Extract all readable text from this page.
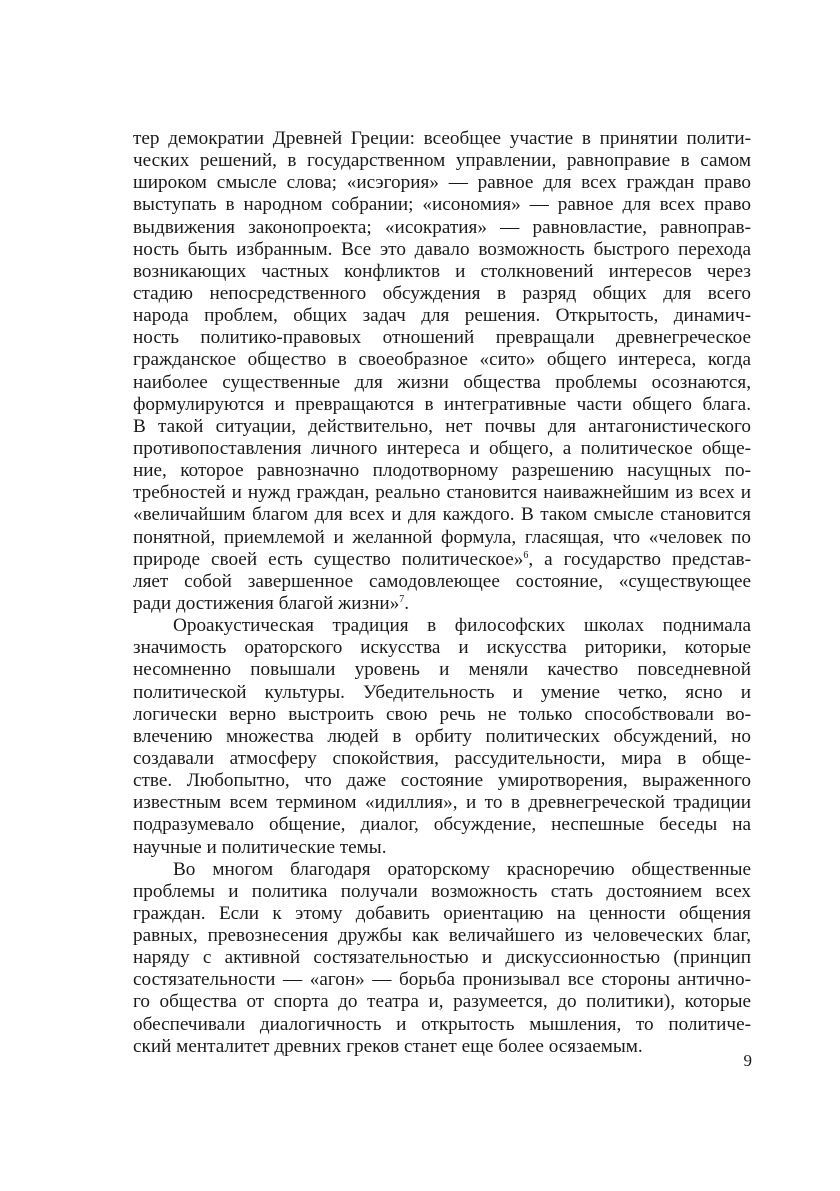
тер демократии Древней Греции: всеобщее участие в принятии полити-
ческих решений, в государственном управлении, равноправие в самом
широком смысле слова; «исэгория» — равное для всех граждан право
выступать в народном собрании; «исономия» — равное для всех право
выдвижения законопроекта; «исократия» — равновластие, равноправ-
ность быть избранным. Все это давало возможность быстрого перехода
возникающих частных конфликтов и столкновений интересов через
стадию непосредственного обсуждения в разряд общих для всего
народа проблем, общих задач для решения. Открытость, динамич-
ность политико-правовых отношений превращали древнегреческое
гражданское общество в своеобразное «сито» общего интереса, когда
наиболее существенные для жизни общества проблемы осознаются,
формулируются и превращаются в интегративные части общего блага.
В такой ситуации, действительно, нет почвы для антагонистического
противопоставления личного интереса и общего, а политическое обще-
ние, которое равнозначно плодотворному разрешению насущных по-
требностей и нужд граждан, реально становится наиважнейшим из всех и
«величайшим благом для всех и для каждого. В таком смысле становится
понятной, приемлемой и желанной формула, гласящая, что «человек по
природе своей есть существо политическое»$^6$, а государство представ-
ляет собой завершенное самодовлеющее состояние, «существующее
ради достижения благой жизни»$^7$.
Ороакустическая традиция в философских школах поднимала
значимость ораторского искусства и искусства риторики, которые
несомненно повышали уровень и меняли качество повседневной
политической культуры. Убедительность и умение четко, ясно и
логически верно выстроить свою речь не только способствовали во-
влечению множества людей в орбиту политических обсуждений, но
создавали атмосферу спокойствия, рассудительности, мира в обще-
стве. Любопытно, что даже состояние умиротворения, выраженного
известным всем термином «идиллия», и то в древнегреческой традиции
подразумевало общение, диалог, обсуждение, неспешные беседы на
научные и политические темы.
Во многом благодаря ораторскому красноречию общественные
проблемы и политика получали возможность стать достоянием всех
граждан. Если к этому добавить ориентацию на ценности общения
равных, превознесения дружбы как величайшего из человеческих благ,
наряду с активной состязательностью и дискуссионностью (принцип
состязательности — «агон» — борьба пронизывал все стороны антично-
го общества от спорта до театра и, разумеется, до политики), которые
обеспечивали диалогичность и открытость мышления, то политиче-
ский менталитет древних греков станет еще более осязаемым.
9
